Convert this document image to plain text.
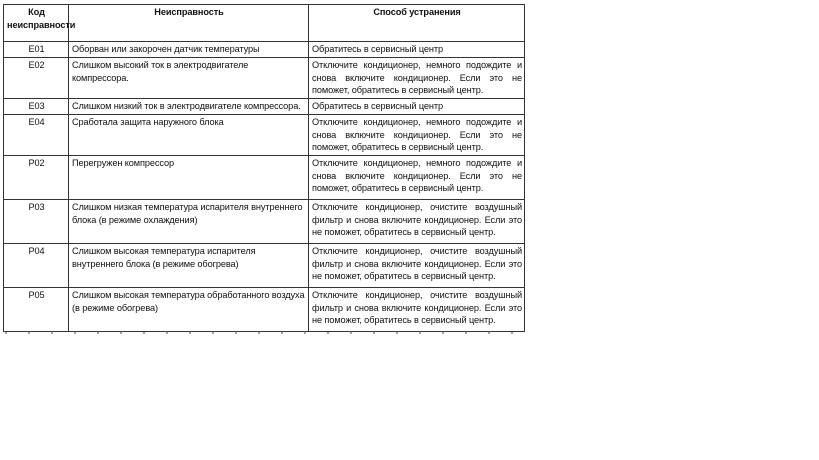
Код
неисправности	Неисправность	Способ устранения
E01	Оборван или закорочен датчик температуры	Обратитесь в сервисный центр
E02	Слишком высокий ток в электродвигателе компрессора.	Отключите кондиционер, немного подождите и снова включите кондиционер. Если это не поможет, обратитесь в сервисный центр.
E03	Слишком низкий ток в электродвигателе компрессора.	Обратитесь в сервисный центр
E04	Сработала защита наружного блока	Отключите кондиционер, немного подождите и снова включите кондиционер. Если это не поможет, обратитесь в сервисный центр.
P02	Перегружен компрессор	Отключите кондиционер, немного подождите и снова включите кондиционер. Если это не поможет, обратитесь в сервисный центр.
P03	Слишком низкая температура испарителя внутреннего блока (в режиме охлаждения)	Отключите кондиционер, очистите воздушный фильтр и снова включите кондиционер. Если это не поможет, обратитесь в сервисный центр.
P04	Слишком высокая температура испарителя внутреннего блока (в режиме обогрева)	Отключите кондиционер, очистите воздушный фильтр и снова включите кондиционер. Если это не поможет, обратитесь в сервисный центр.
P05	Слишком высокая температура обработанного воздуха (в режиме обогрева)	Отключите кондиционер, очистите воздушный фильтр и снова включите кондиционер. Если это не поможет, обратитесь в сервисный центр.
